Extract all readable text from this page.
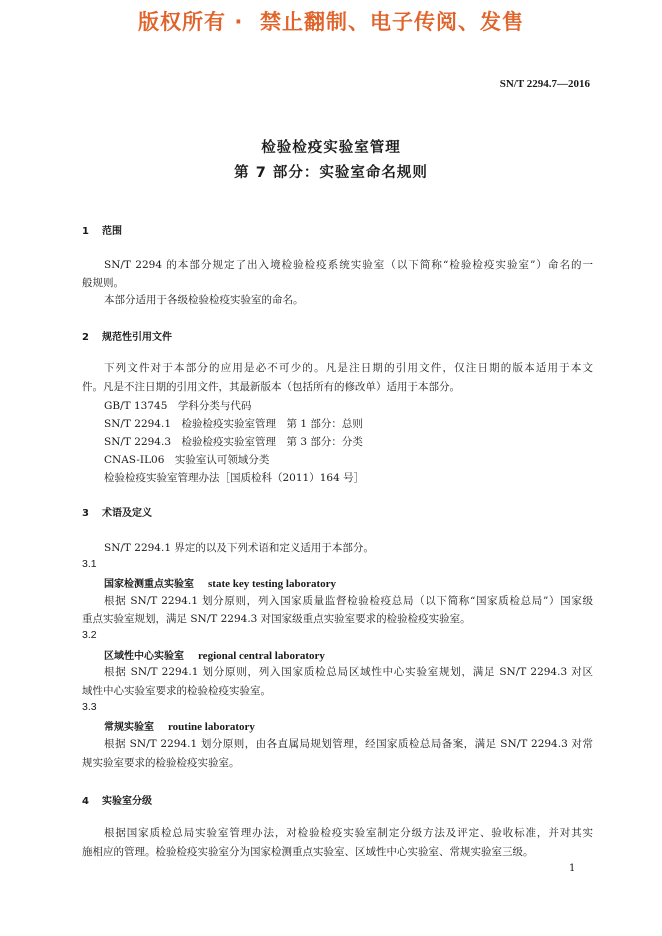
版权所有 ·  禁止翻制、电子传阅、发售
SN/T 2294.7—2016
检验检疫实验室管理
第 7 部分：实验室命名规则
1 范围
SN/T 2294 的本部分规定了出入境检验检疫系统实验室（以下简称“检验检疫实验室”）命名的一
般规则。
本部分适用于各级检验检疫实验室的命名。
2 规范性引用文件
下列文件对于本部分的应用是必不可少的。凡是注日期的引用文件，仅注日期的版本适用于本文
件。凡是不注日期的引用文件，其最新版本（包括所有的修改单）适用于本部分。
GB/T 13745　学科分类与代码
SN/T 2294.1　检验检疫实验室管理　第 1 部分：总则
SN/T 2294.3　检验检疫实验室管理　第 3 部分：分类
CNAS-IL06　实验室认可领域分类
检验检疫实验室管理办法［国质检科（2011）164 号］
3 术语及定义
SN/T 2294.1 界定的以及下列术语和定义适用于本部分。
3.1
国家检测重点实验室 state key testing laboratory
根据 SN/T 2294.1 划分原则，列入国家质量监督检验检疫总局（以下简称“国家质检总局”）国家级
重点实验室规划，满足 SN/T 2294.3 对国家级重点实验室要求的检验检疫实验室。
3.2
区域性中心实验室 regional central laboratory
根据 SN/T 2294.1 划分原则，列入国家质检总局区域性中心实验室规划，满足 SN/T 2294.3 对区
域性中心实验室要求的检验检疫实验室。
3.3
常规实验室 routine laboratory
根据 SN/T 2294.1 划分原则，由各直属局规划管理，经国家质检总局备案，满足 SN/T 2294.3 对常
规实验室要求的检验检疫实验室。
4 实验室分级
根据国家质检总局实验室管理办法，对检验检疫实验室制定分级方法及评定、验收标准，并对其实
施相应的管理。检验检疫实验室分为国家检测重点实验室、区域性中心实验室、常规实验室三级。
1
